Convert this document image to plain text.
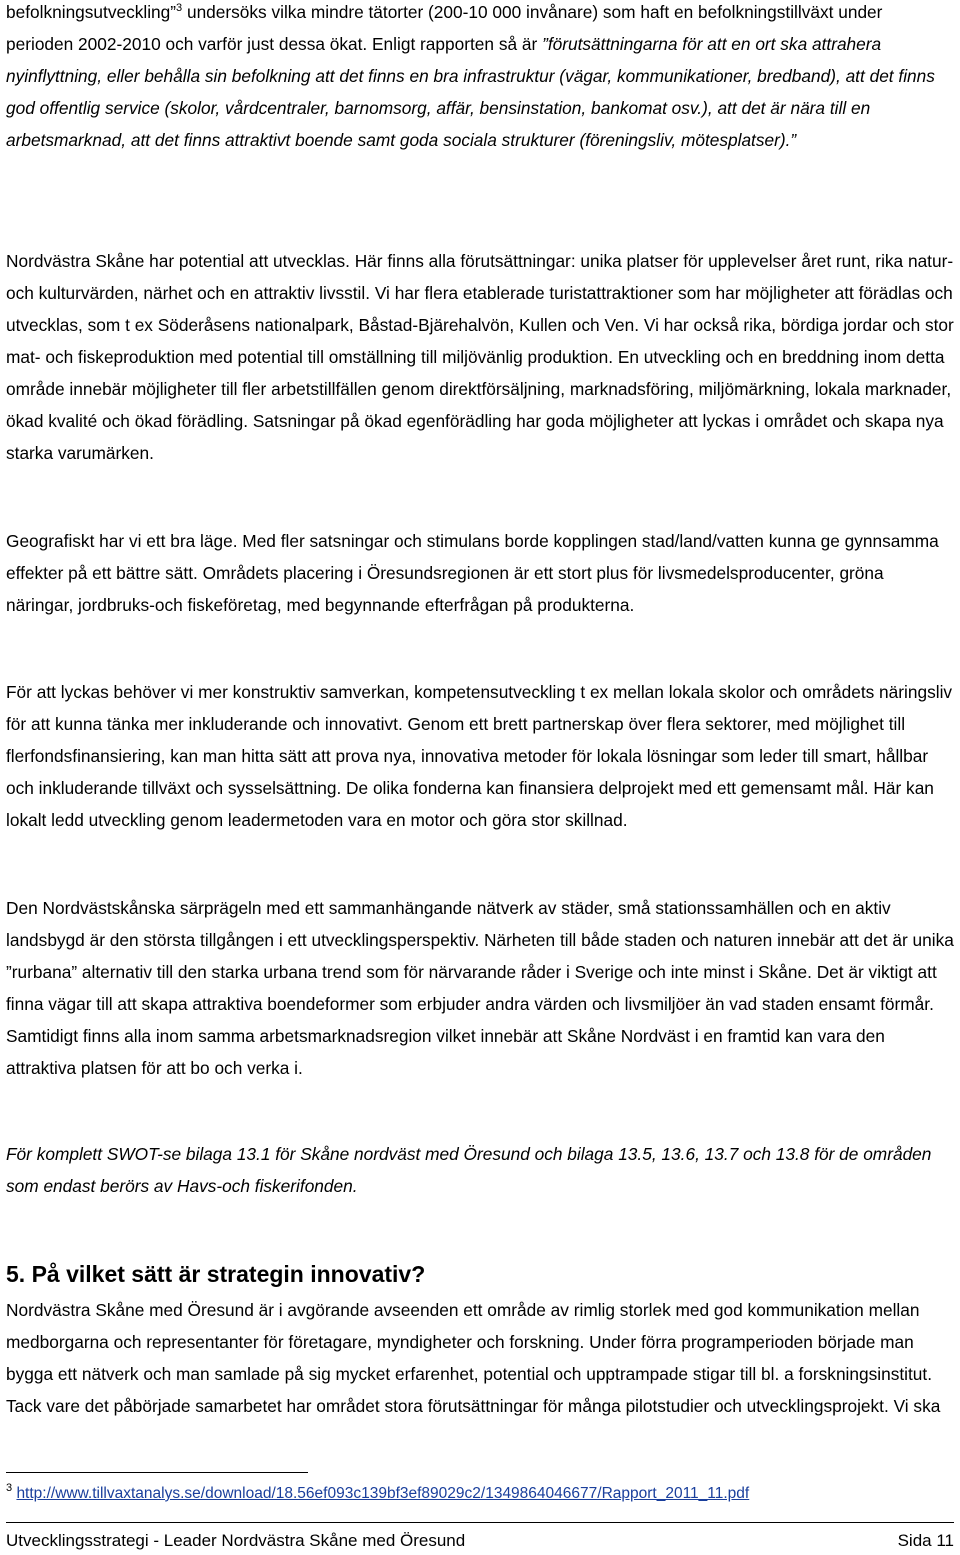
befolkningsutveckling”$^3$ undersöks vilka mindre tätorter (200-10 000 invånare) som haft en befolkningstillväxt under perioden 2002-2010 och varför just dessa ökat. Enligt rapporten så är ”förutsättningarna för att en ort ska attrahera nyinflyttning, eller behålla sin befolkning att det finns en bra infrastruktur (vägar, kommunikationer, bredband), att det finns god offentlig service (skolor, vårdcentraler, barnomsorg, affär, bensinstation, bankomat osv.), att det är nära till en arbetsmarknad, att det finns attraktivt boende samt goda sociala strukturer (föreningsliv, mötesplatser).”

Nordvästra Skåne har potential att utvecklas. Här finns alla förutsättningar: unika platser för upplevelser året runt, rika natur- och kulturvärden, närhet och en attraktiv livsstil. Vi har flera etablerade turistattraktioner som har möjligheter att förädlas och utvecklas, som t ex Söderåsens nationalpark, Båstad-Bjärehalvön, Kullen och Ven. Vi har också rika, bördiga jordar och stor mat- och fiskeproduktion med potential till omställning till miljövänlig produktion. En utveckling och en breddning inom detta område innebär möjligheter till fler arbetstillfällen genom direktförsäljning, marknadsföring, miljömärkning, lokala marknader, ökad kvalité och ökad förädling. Satsningar på ökad egenförädling har goda möjligheter att lyckas i området och skapa nya starka varumärken.

Geografiskt har vi ett bra läge. Med fler satsningar och stimulans borde kopplingen stad/land/vatten kunna ge gynnsamma effekter på ett bättre sätt. Områdets placering i Öresundsregionen är ett stort plus för livsmedelsproducenter, gröna näringar, jordbruks-och fiskeföretag, med begynnande efterfrågan på produkterna.

För att lyckas behöver vi mer konstruktiv samverkan, kompetensutveckling t ex mellan lokala skolor och områdets näringsliv för att kunna tänka mer inkluderande och innovativt. Genom ett brett partnerskap över flera sektorer, med möjlighet till flerfondsfinansiering, kan man hitta sätt att prova nya, innovativa metoder för lokala lösningar som leder till smart, hållbar och inkluderande tillväxt och sysselsättning. De olika fonderna kan finansiera delprojekt med ett gemensamt mål. Här kan lokalt ledd utveckling genom leadermetoden vara en motor och göra stor skillnad.

Den Nordvästskånska särprägeln med ett sammanhängande nätverk av städer, små stationssamhällen och en aktiv landsbygd är den största tillgången i ett utvecklingsperspektiv. Närheten till både staden och naturen innebär att det är unika ”rurbana” alternativ till den starka urbana trend som för närvarande råder i Sverige och inte minst i Skåne. Det är viktigt att finna vägar till att skapa attraktiva boendeformer som erbjuder andra värden och livsmiljöer än vad staden ensamt förmår. Samtidigt finns alla inom samma arbetsmarknadsregion vilket innebär att Skåne Nordväst i en framtid kan vara den attraktiva platsen för att bo och verka i.

För komplett SWOT-se bilaga 13.1 för Skåne nordväst med Öresund och bilaga 13.5, 13.6, 13.7 och 13.8 för de områden som endast berörs av Havs-och fiskerifonden.

5. På vilket sätt är strategin innovativ?

Nordvästra Skåne med Öresund är i avgörande avseenden ett område av rimlig storlek med god kommunikation mellan medborgarna och representanter för företagare, myndigheter och forskning. Under förra programperioden började man bygga ett nätverk och man samlade på sig mycket erfarenhet, potential och upptrampade stigar till bl. a forskningsinstitut. Tack vare det påbörjade samarbetet har området stora förutsättningar för många pilotstudier och utvecklingsprojekt. Vi ska

$^3$ http://www.tillvaxtanalys.se/download/18.56ef093c139bf3ef89029c2/1349864046677/Rapport_2011_11.pdf

Utvecklingsstrategi - Leader Nordvästra Skåne med Öresund	Sida 11
